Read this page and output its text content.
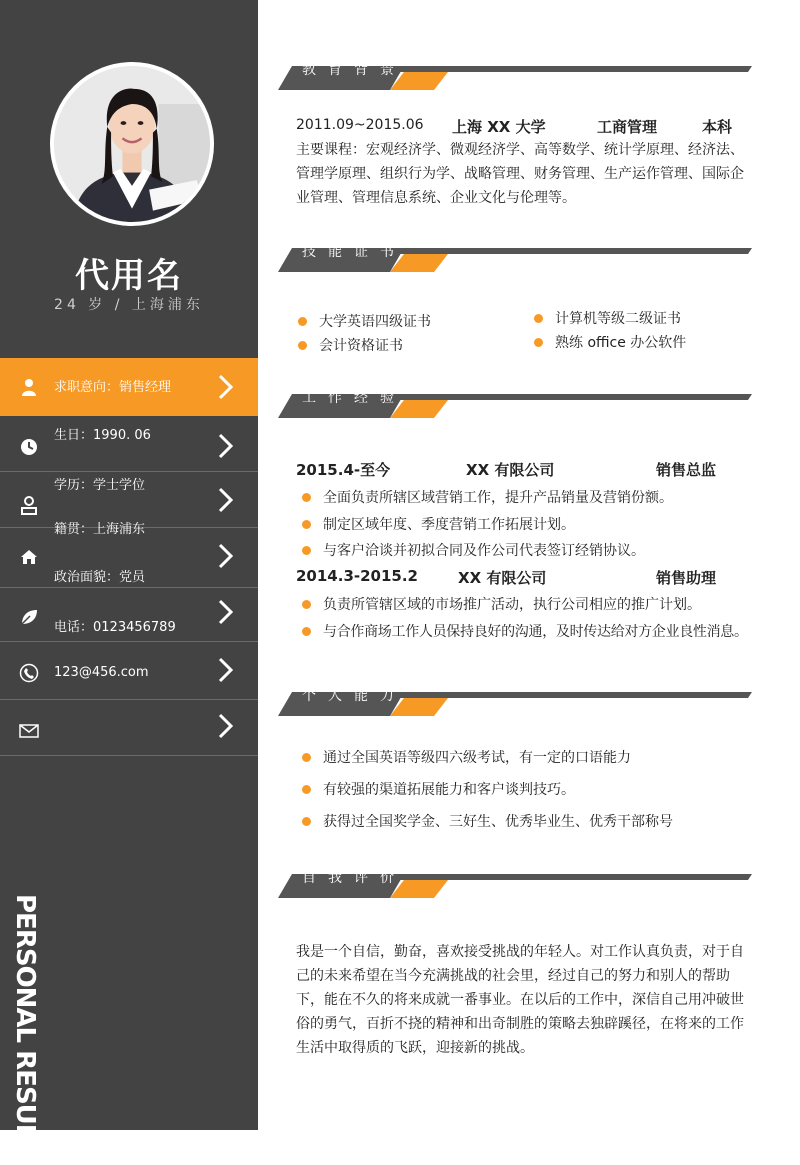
代用名
24 岁 / 上海浦东
求职意向：销售经理
生日：1990. 06
学历：学士学位
籍贯：上海浦东
政治面貌：党员
电话：0123456789
123@456.com
PERSONAL RESUME
教育背景
2011.09~2015.06 上海 XX 大学	工商管理	本科
主要课程：宏观经济学、微观经济学、高等数学、统计学原理、经济法、管理学原理、组织行为学、战略管理、财务管理、生产运作管理、国际企业管理、管理信息系统、企业文化与伦理等。
技能证书
大学英语四级证书	计算机等级二级证书
会计资格证书	熟练 office 办公软件
工作经验
2015.4-至今	XX 有限公司	销售总监
全面负责所辖区域营销工作，提升产品销量及营销份额。
制定区域年度、季度营销工作拓展计划。
与客户洽谈并初拟合同及作公司代表签订经销协议。
2014.3-2015.2	XX 有限公司	销售助理
负责所管辖区域的市场推广活动，执行公司相应的推广计划。
与合作商场工作人员保持良好的沟通，及时传达给对方企业良性消息。
个人能力
通过全国英语等级四六级考试，有一定的口语能力
有较强的渠道拓展能力和客户谈判技巧。
获得过全国奖学金、三好生、优秀毕业生、优秀干部称号
自我评价
我是一个自信，勤奋，喜欢接受挑战的年轻人。对工作认真负责，对于自己的未来希望在当今充满挑战的社会里，经过自己的努力和别人的帮助下，能在不久的将来成就一番事业。在以后的工作中，深信自己用冲破世俗的勇气，百折不挠的精神和出奇制胜的策略去独辟蹊径，在将来的工作生活中取得质的飞跃，迎接新的挑战。
